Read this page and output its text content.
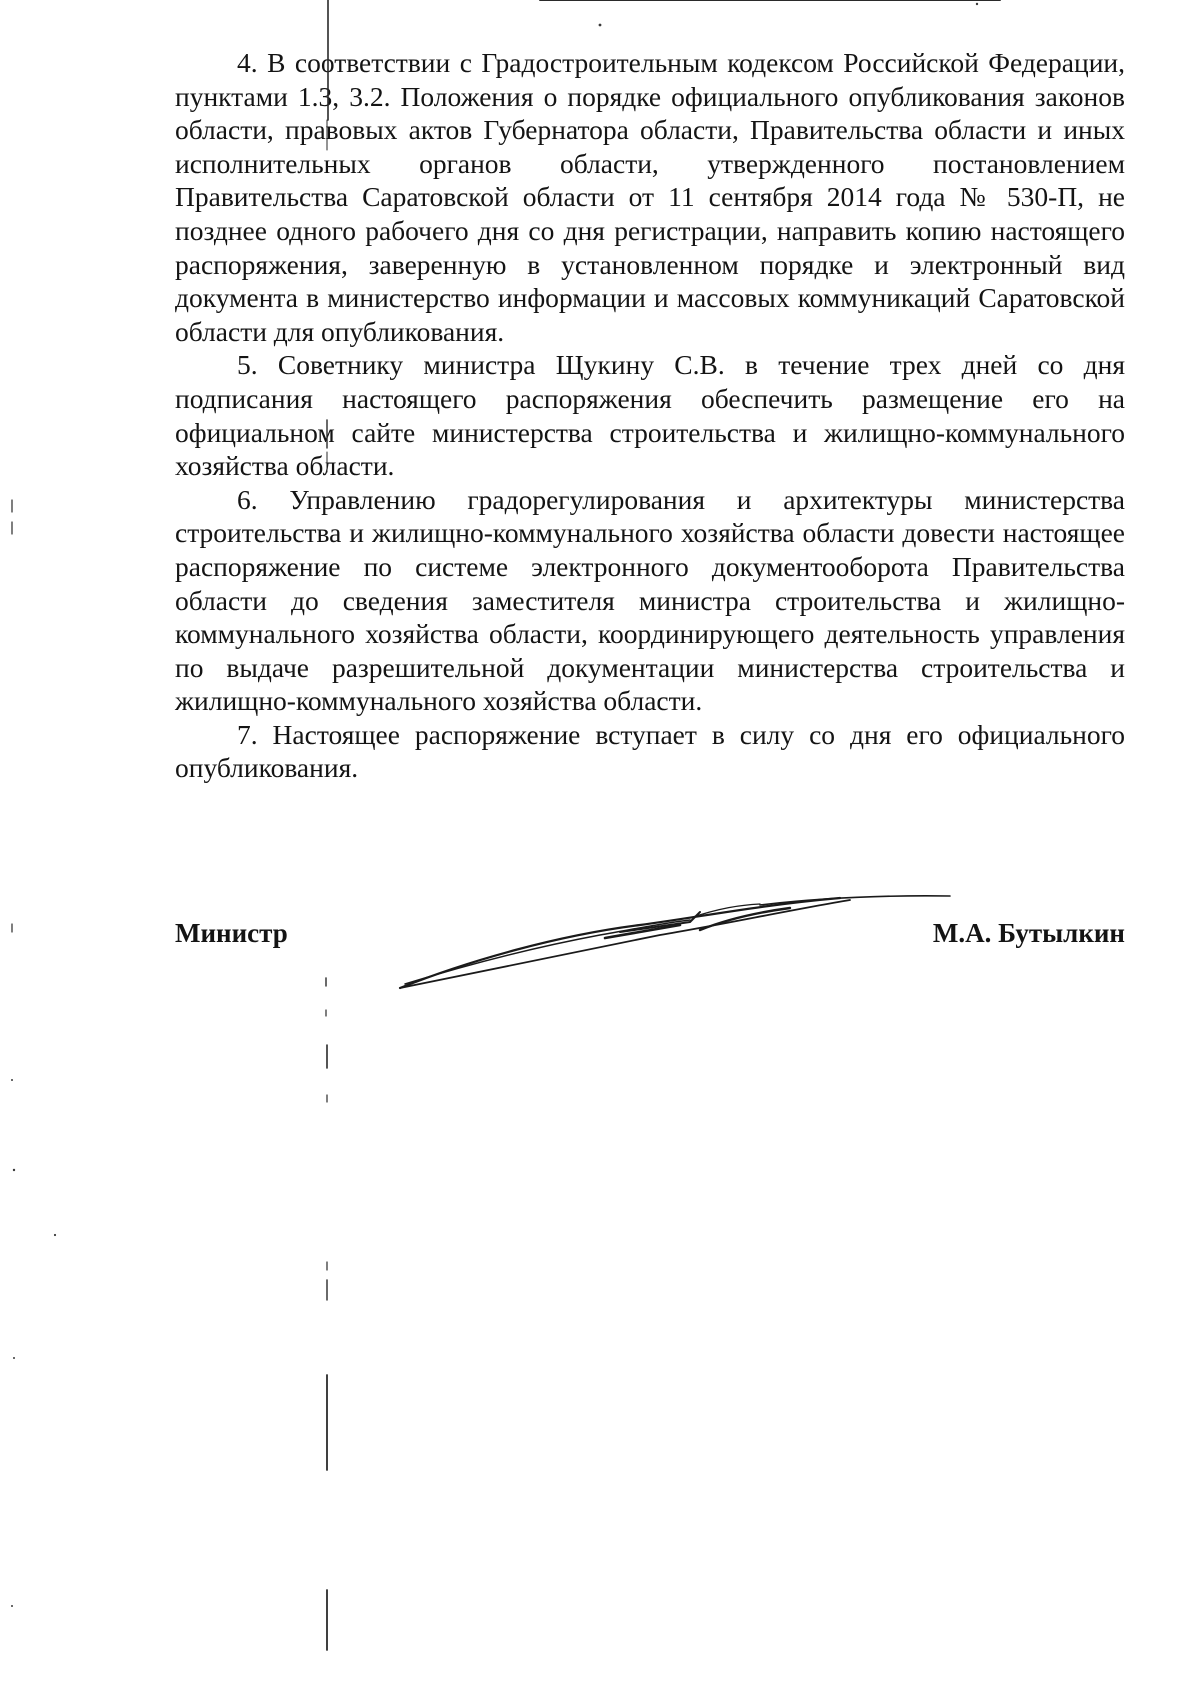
4. В соответствии с Градостроительным кодексом Российской Федерации, пунктами 1.3, 3.2. Положения о порядке официального опубликования законов области, правовых актов Губернатора области, Правительства области и иных исполнительных органов области, утвержденного постановлением Правительства Саратовской области от 11 сентября 2014 года № 530-П, не позднее одного рабочего дня со дня регистрации, направить копию настоящего распоряжения, заверенную в установленном порядке и электронный вид документа в министерство информации и массовых коммуникаций Саратовской области для опубликования.

5. Советнику министра Щукину С.В. в течение трех дней со дня подписания настоящего распоряжения обеспечить размещение его на официальном сайте министерства строительства и жилищно-коммунального хозяйства области.

6. Управлению градорегулирования и архитектуры министерства строительства и жилищно-коммунального хозяйства области довести настоящее распоряжение по системе электронного документооборота Правительства области до сведения заместителя министра строительства и жилищно-коммунального хозяйства области, координирующего деятельность управления по выдаче разрешительной документации министерства строительства и жилищно-коммунального хозяйства области.

7. Настоящее распоряжение вступает в силу со дня его официального опубликования.

Министр	М.А. Бутылкин
